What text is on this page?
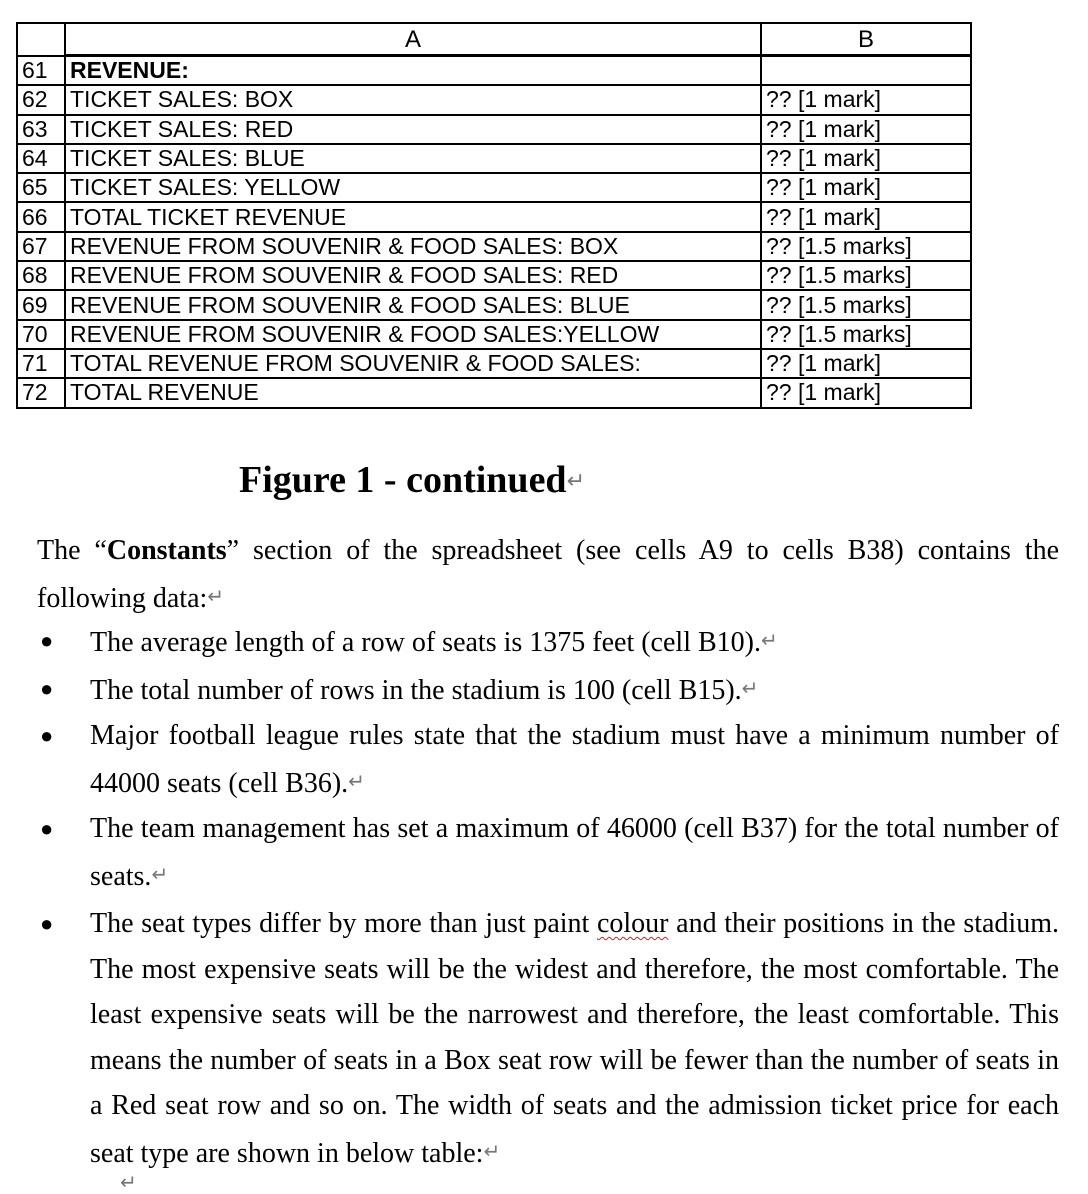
	A	B
61	REVENUE:	
62	TICKET SALES: BOX	?? [1 mark]
63	TICKET SALES: RED	?? [1 mark]
64	TICKET SALES: BLUE	?? [1 mark]
65	TICKET SALES: YELLOW	?? [1 mark]
66	TOTAL TICKET REVENUE	?? [1 mark]
67	REVENUE FROM SOUVENIR & FOOD SALES: BOX	?? [1.5 marks]
68	REVENUE FROM SOUVENIR & FOOD SALES: RED	?? [1.5 marks]
69	REVENUE FROM SOUVENIR & FOOD SALES: BLUE	?? [1.5 marks]
70	REVENUE FROM SOUVENIR & FOOD SALES:YELLOW	?? [1.5 marks]
71	TOTAL REVENUE FROM SOUVENIR & FOOD SALES:	?? [1 mark]
72	TOTAL REVENUE	?? [1 mark]
Figure 1 - continued↵
The “Constants” section of the spreadsheet (see cells A9 to cells B38) contains the following data:↵
● The average length of a row of seats is 1375 feet (cell B10).↵
● The total number of rows in the stadium is 100 (cell B15).↵
● Major football league rules state that the stadium must have a minimum number of 44000 seats (cell B36).↵
● The team management has set a maximum of 46000 (cell B37) for the total number of seats.↵
● The seat types differ by more than just paint colour and their positions in the stadium. The most expensive seats will be the widest and therefore, the most comfortable. The least expensive seats will be the narrowest and therefore, the least comfortable. This means the number of seats in a Box seat row will be fewer than the number of seats in a Red seat row and so on. The width of seats and the admission ticket price for each seat type are shown in below table:↵
↵
